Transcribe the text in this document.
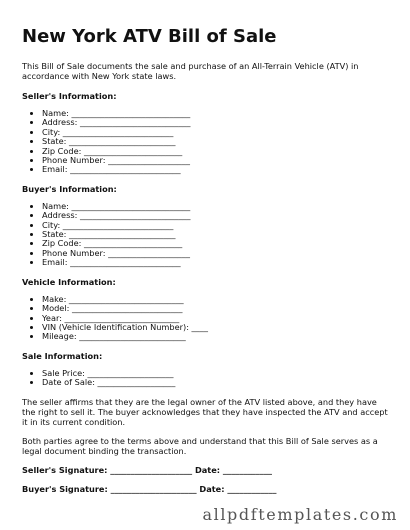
New York ATV Bill of Sale

This Bill of Sale documents the sale and purchase of an All-Terrain Vehicle (ATV) in accordance with New York state laws.

Seller's Information:
• Name: _____________________________
• Address: ___________________________
• City: ___________________________
• State: __________________________
• Zip Code: ________________________
• Phone Number: ____________________
• Email: ___________________________
Buyer's Information:
• Name: _____________________________
• Address: ___________________________
• City: ___________________________
• State: __________________________
• Zip Code: ________________________
• Phone Number: ____________________
• Email: ___________________________
Vehicle Information:
• Make: ____________________________
• Model: ___________________________
• Year: ____________________________
• VIN (Vehicle Identification Number): ____
• Mileage: __________________________
Sale Information:
• Sale Price: _____________________
• Date of Sale: ___________________

The seller affirms that they are the legal owner of the ATV listed above, and they have the right to sell it. The buyer acknowledges that they have inspected the ATV and accept it in its current condition.

Both parties agree to the terms above and understand that this Bill of Sale serves as a legal document binding the transaction.

Seller's Signature: ____________________ Date: ____________
Buyer's Signature: _____________________ Date: ____________
allpdftemplates.com
